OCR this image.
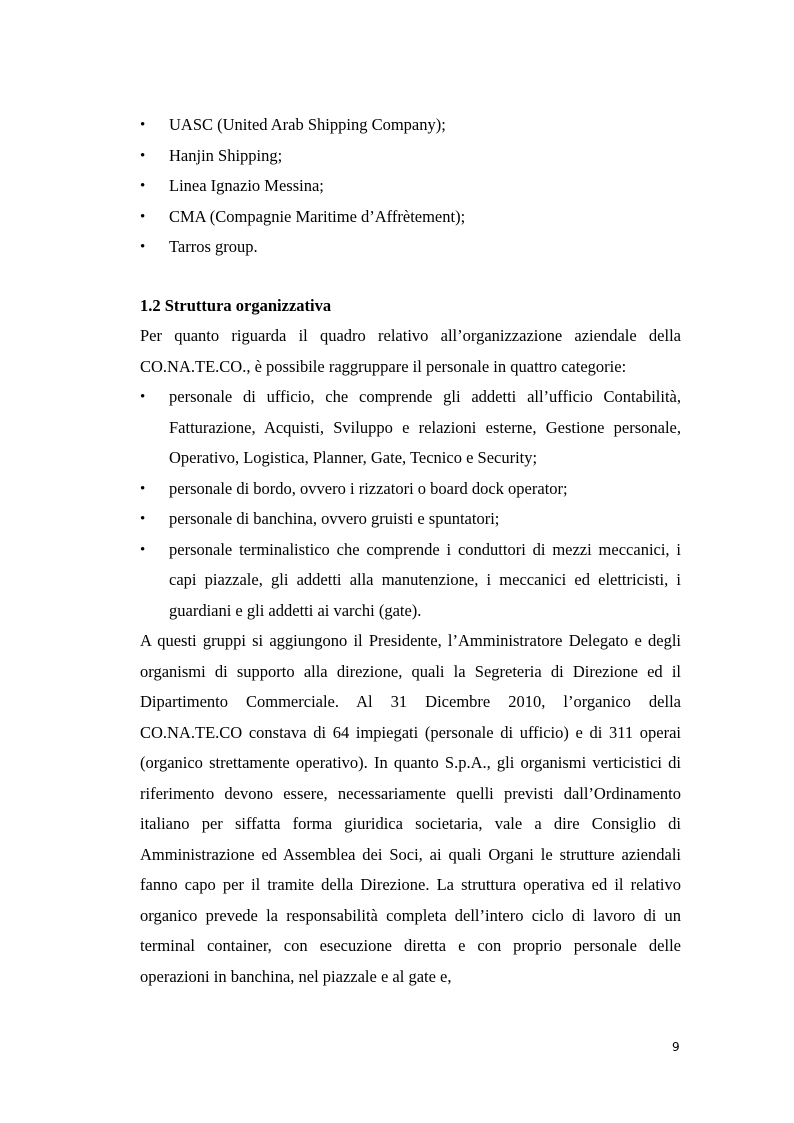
• UASC (United Arab Shipping Company);
• Hanjin Shipping;
• Linea Ignazio Messina;
• CMA (Compagnie Maritime d’Affrètement);
• Tarros group.
1.2 Struttura organizzativa

Per quanto riguarda il quadro relativo all’organizzazione aziendale della CO.NA.TE.CO., è possibile raggruppare il personale in quattro categorie:

• personale di ufficio, che comprende gli addetti all’ufficio Contabilità, Fatturazione, Acquisti, Sviluppo e relazioni esterne, Gestione personale, Operativo, Logistica, Planner, Gate, Tecnico e Security;
• personale di bordo, ovvero i rizzatori o board dock operator;
• personale di banchina, ovvero gruisti e spuntatori;
• personale terminalistico che comprende i conduttori di mezzi meccanici, i capi piazzale, gli addetti alla manutenzione, i meccanici ed elettricisti, i guardiani e gli addetti ai varchi (gate).

A questi gruppi si aggiungono il Presidente, l’Amministratore Delegato e degli organismi di supporto alla direzione, quali la Segreteria di Direzione ed il Dipartimento Commerciale. Al 31 Dicembre 2010, l’organico della CO.NA.TE.CO constava di 64 impiegati (personale di ufficio) e di 311 operai (organico strettamente operativo). In quanto S.p.A., gli organismi verticistici di riferimento devono essere, necessariamente quelli previsti dall’Ordinamento italiano per siffatta forma giuridica societaria, vale a dire Consiglio di Amministrazione ed Assemblea dei Soci, ai quali Organi le strutture aziendali fanno capo per il tramite della Direzione. La struttura operativa ed il relativo organico prevede la responsabilità completa dell’intero ciclo di lavoro di un terminal container, con esecuzione diretta e con proprio personale delle operazioni in banchina, nel piazzale e al gate e,

9
